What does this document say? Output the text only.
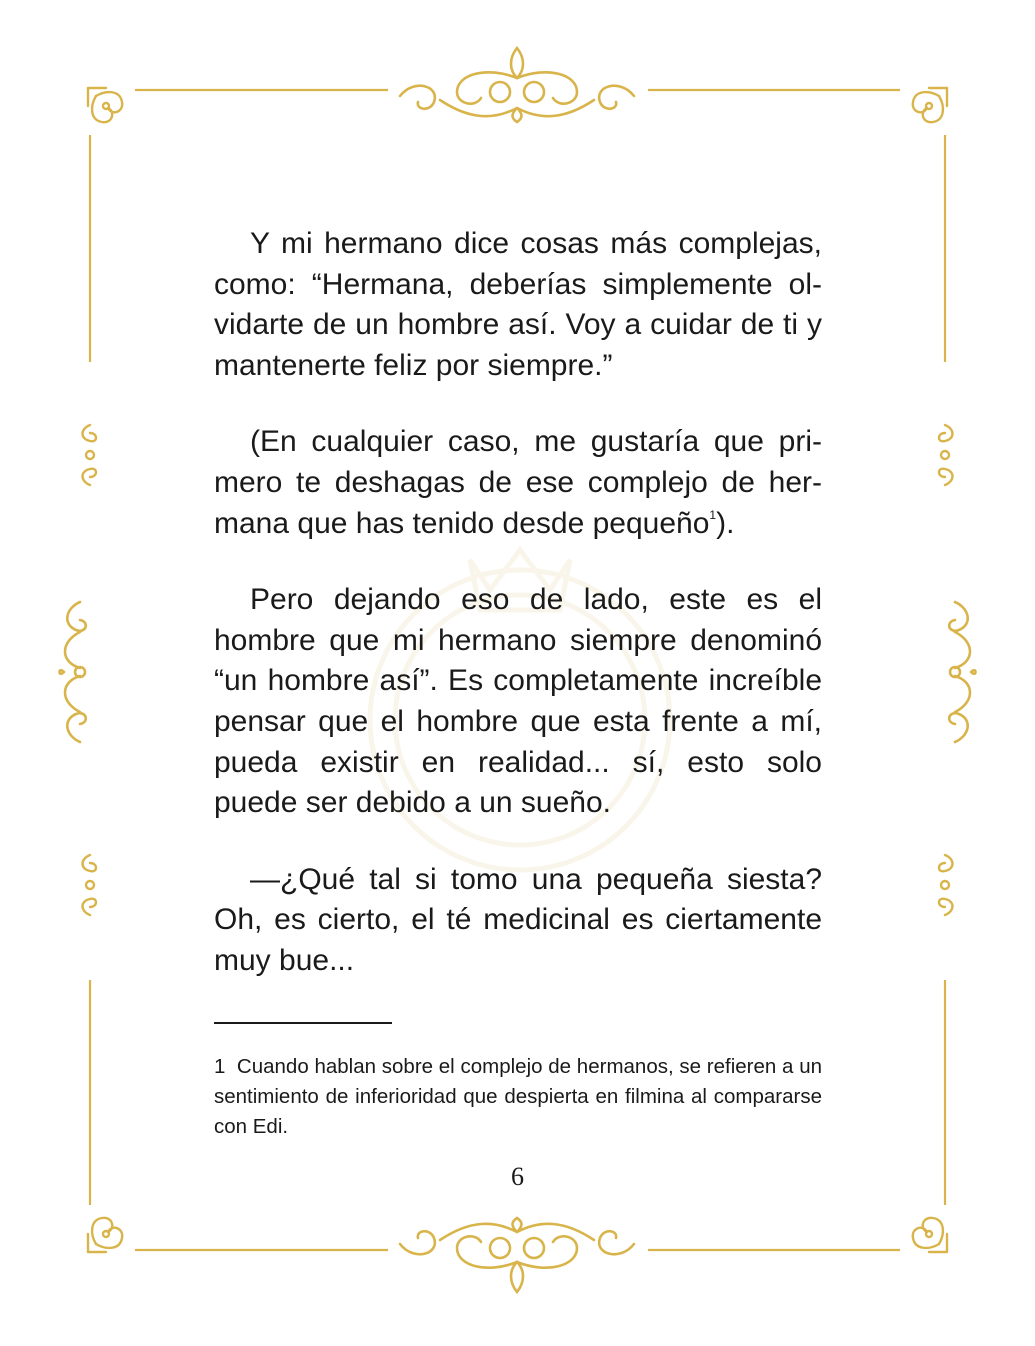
Y mi hermano dice cosas más complejas, como: “Hermana, deberías simplemente olvidarte de un hombre así. Voy a cuidar de ti y mantenerte feliz por siempre.”

(En cualquier caso, me gustaría que primero te deshagas de ese complejo de hermana que has tenido desde pequeño$^1$).

Pero dejando eso de lado, este es el hombre que mi hermano siempre denominó “un hombre así”. Es completamente increíble pensar que el hombre que esta frente a mí, pueda existir en realidad... sí, esto solo puede ser debido a un sueño.

—¿Qué tal si tomo una pequeña siesta? Oh, es cierto, el té medicinal es ciertamente muy bue...

1 Cuando hablan sobre el complejo de hermanos, se refieren a un sentimiento de inferioridad que despierta en filmina al compararse con Edi.
6
